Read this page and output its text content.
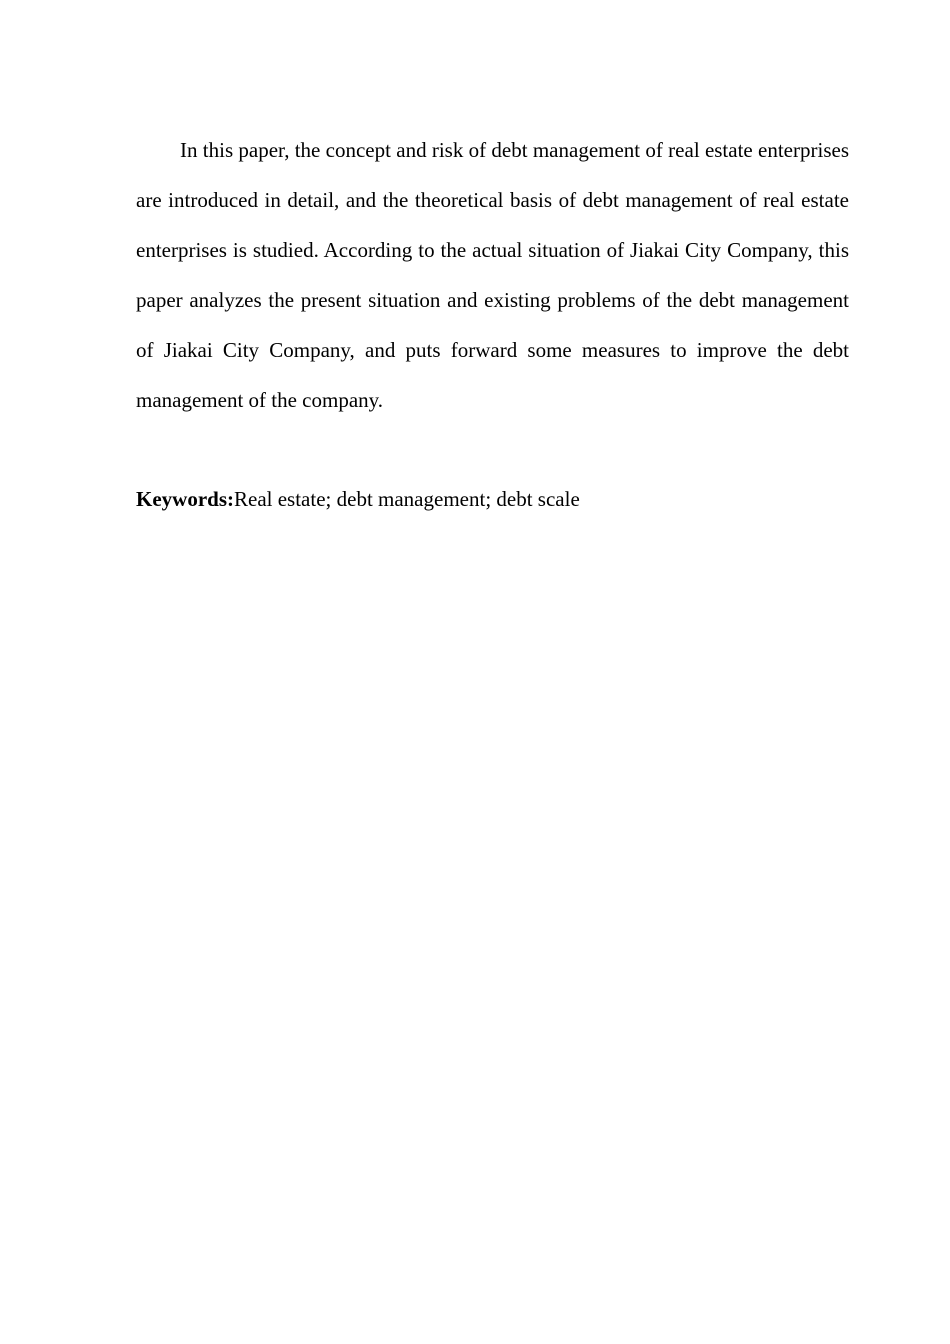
In this paper, the concept and risk of debt management of real estate enterprises are introduced in detail, and the theoretical basis of debt management of real estate enterprises is studied. According to the actual situation of Jiakai City Company, this paper analyzes the present situation and existing problems of the debt management of Jiakai City Company, and puts forward some measures to improve the debt management of the company.

Keywords:Real estate; debt management; debt scale
